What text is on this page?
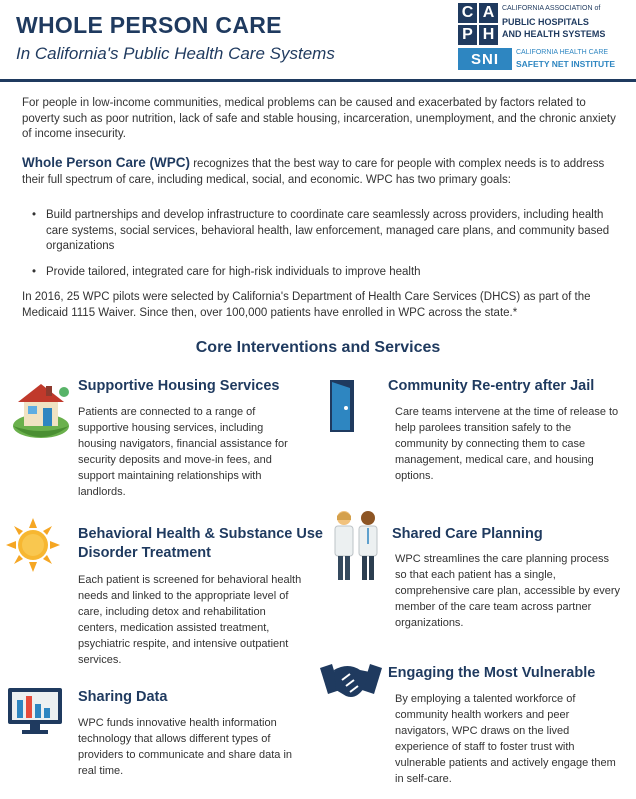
WHOLE PERSON CARE
In California's Public Health Care Systems
C A
P H
CALIFORNIA ASSOCIATION of
PUBLIC HOSPITALS
AND HEALTH SYSTEMS
SNI	CALIFORNIA HEALTH CARE
SAFETY NET INSTITUTE

For people in low-income communities, medical problems can be caused and exacerbated by factors related to poverty such as poor nutrition, lack of safe and stable housing, incarceration, unemployment, and the chronic anxiety of income insecurity.

Whole Person Care (WPC) recognizes that the best way to care for people with complex needs is to address their full spectrum of care, including medical, social, and economic. WPC has two primary goals:

• Build partnerships and develop infrastructure to coordinate care seamlessly across providers, including health care systems, social services, behavioral health, law enforcement, managed care plans, and community based organizations
• Provide tailored, integrated care for high-risk individuals to improve health

In 2016, 25 WPC pilots were selected by California's Department of Health Care Services (DHCS) as part of the Medicaid 1115 Waiver. Since then, over 100,000 patients have enrolled in WPC across the state.*

Core Interventions and Services
Supportive Housing Services

Patients are connected to a range of supportive housing services, including housing navigators, financial assistance for security deposits and move-in fees, and support maintaining relationships with landlords.

Community Re-entry after Jail

Care teams intervene at the time of release to help parolees transition safely to the community by connecting them to case management, medical care, and housing options.

Behavioral Health & Substance Use Disorder Treatment

Each patient is screened for behavioral health needs and linked to the appropriate level of care, including detox and rehabilitation centers, medication assisted treatment, psychiatric respite, and intensive outpatient services.

Shared Care Planning

WPC streamlines the care planning process so that each patient has a single, comprehensive care plan, accessible by every member of the care team across partner organizations.

Engaging the Most Vulnerable

By employing a talented workforce of community health workers and peer navigators, WPC draws on the lived experience of staff to foster trust with vulnerable patients and actively engage them in self-care.

Sharing Data

WPC funds innovative health information technology that allows different types of providers to communicate and share data in real time.
